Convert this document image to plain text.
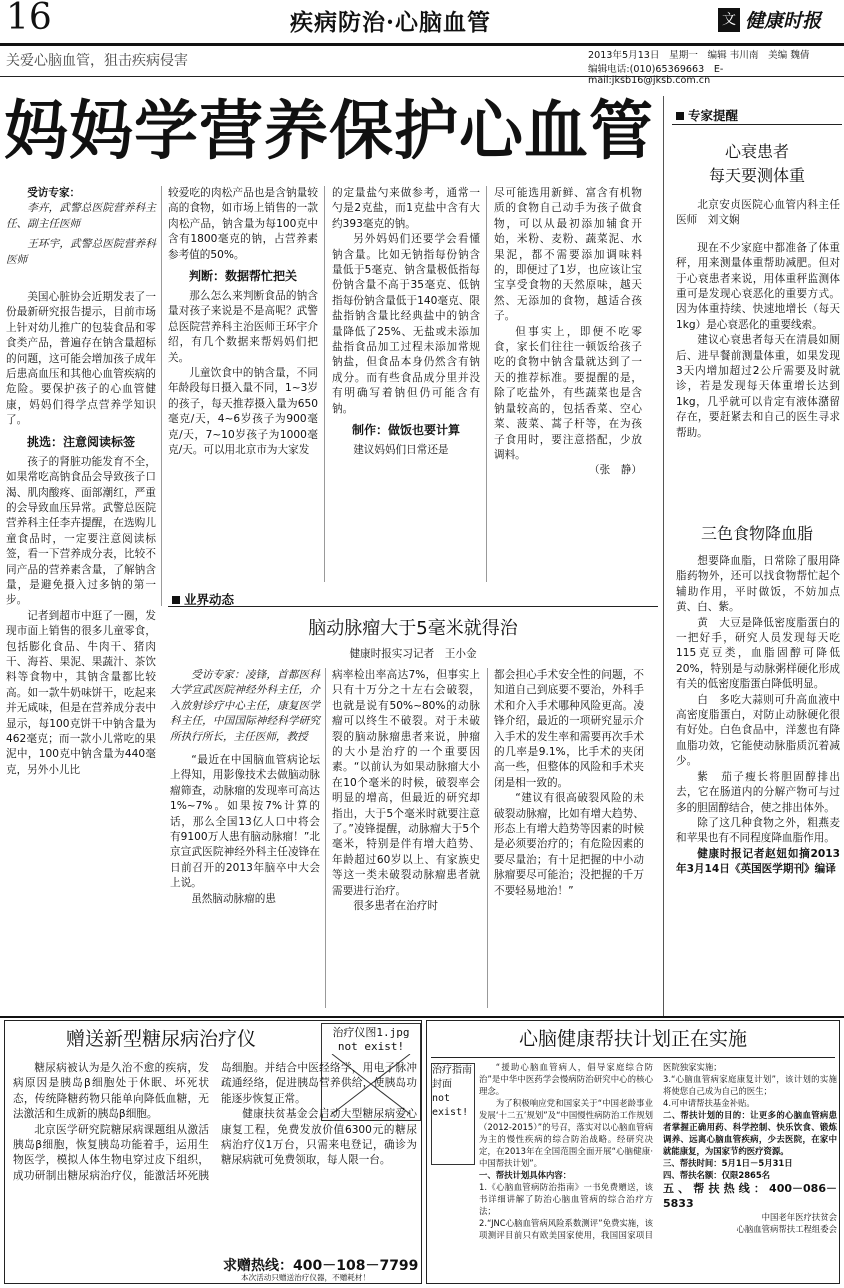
16	疾病防治·心脑血管	文 健康时报
关爱心脑血管，狙击疾病侵害	2013年5月13日　星期一　编辑 韦川南　美编 魏倩
编辑电话:(010)65369663　E-mail:jksb16@jksb.com.cn
妈妈学营养保护心血管

受访专家：

李卉，武警总医院营养科主任、副主任医师

王环宇，武警总医院营养科医师

美国心脏协会近期发表了一份最新研究报告提示，目前市场上针对幼儿推广的包装食品和零食类产品，普遍存在钠含量超标的问题，这可能会增加孩子成年后患高血压和其他心血管疾病的危险。要保护孩子的心血管健康，妈妈们得学点营养学知识了。

挑选：注意阅读标签

孩子的肾脏功能发育不全，如果常吃高钠食品会导致孩子口渴、肌肉酸疼、面部潮红，严重的会导致血压异常。武警总医院营养科主任李卉提醒，在选购儿童食品时，一定要注意阅读标签，看一下营养成分表，比较不同产品的营养素含量，了解钠含量，是避免摄入过多钠的第一步。

记者到超市中逛了一圈，发现市面上销售的很多儿童零食，包括膨化食品、牛肉干、猪肉干、海苔、果泥、果蔬汁、茶饮料等食物中，其钠含量都比较高。如一款牛奶味饼干，吃起来并无咸味，但是在营养成分表中显示，每100克饼干中钠含量为462毫克；而一款小儿常吃的果泥中，100克中钠含量为440毫克，另外小儿比

较爱吃的肉松产品也是含钠量较高的食物，如市场上销售的一款肉松产品，钠含量为每100克中含有1800毫克的钠，占营养素参考值的50%。

判断：数据帮忙把关

那么怎么来判断食品的钠含量对孩子来说是不是高呢？武警总医院营养科主治医师王环宇介绍，有几个数据来帮妈妈们把关。

儿童饮食中的钠含量，不同年龄段每日摄入量不同，1~3岁的孩子，每天推荐摄入量为650毫克/天，4~6岁孩子为900毫克/天，7~10岁孩子为1000毫克/天。可以用北京市为大家发

的定量盐勺来做参考，通常一勺是2克盐，而1克盐中含有大约393毫克的钠。

另外妈妈们还要学会看懂钠含量。比如无钠指每份钠含量低于5毫克、钠含量极低指每份钠含量不高于35毫克、低钠指每份钠含量低于140毫克、限盐指钠含量比经典盐中的钠含量降低了25%、无盐或未添加盐指食品加工过程未添加常规钠盐，但食品本身仍然含有钠成分。而有些食品成分里并没有明确写着钠但仍可能含有钠。

制作：做饭也要计算

建议妈妈们日常还是

尽可能选用新鲜、富含有机物质的食物自己动手为孩子做食物，可以从最初添加辅食开始，米粉、麦粉、蔬菜泥、水果泥，都不需要添加调味料的，即便过了1岁，也应该让宝宝享受食物的天然原味，越天然、无添加的食物，越适合孩子。

但事实上，即便不吃零食，家长们往往一顿饭给孩子吃的食物中钠含量就达到了一天的推荐标准。要提醒的是，除了吃盐外，有些蔬菜也是含钠量较高的，包括香菜、空心菜、菠菜、蒿子杆等，在为孩子食用时，要注意搭配，少放调料。

（张　静）

业界动态
脑动脉瘤大于5毫米就得治
健康时报实习记者　王小金

受访专家：凌锋，首都医科大学宣武医院神经外科主任，介入放射诊疗中心主任，康复医学科主任，中国国际神经科学研究所执行所长，主任医师，教授

“最近在中国脑血管病论坛上得知，用影像技术去做脑动脉瘤筛查，动脉瘤的发现率可高达1%~7%。如果按7%计算的话，那么全国13亿人口中将会有9100万人患有脑动脉瘤！”北京宣武医院神经外科主任凌锋在日前召开的2013年脑卒中大会上说。

虽然脑动脉瘤的患

病率检出率高达7%，但事实上只有十万分之十左右会破裂，也就是说有50%~80%的动脉瘤可以终生不破裂。对于未破裂的脑动脉瘤患者来说，肿瘤的大小是治疗的一个重要因素。“以前认为如果动脉瘤大小在10个毫米的时候，破裂率会明显的增高，但最近的研究却指出，大于5个毫米时就要注意了。”凌锋提醒，动脉瘤大于5个毫米，特别是伴有增大趋势、年龄超过60岁以上、有家族史等这一类未破裂动脉瘤患者就需要进行治疗。

很多患者在治疗时

都会担心手术安全性的问题，不知道自己到底要不要治，外科手术和介入手术哪种风险更高。凌锋介绍，最近的一项研究显示介入手术的发生率和需要再次手术的几率是9.1%，比手术的夹闭高一些，但整体的风险和手术夹闭是相一致的。

“建议有很高破裂风险的未破裂动脉瘤，比如有增大趋势、形态上有增大趋势等因素的时候是必须要治疗的；有危险因素的要尽量治；有十足把握的中小动脉瘤要尽可能治；没把握的千万不要轻易地治！”

专家提醒
心衰患者
每天要测体重

北京安贞医院心血管内科主任医师　刘文娴

现在不少家庭中都准备了体重秤，用来测量体重帮助减肥。但对于心衰患者来说，用体重秤监测体重可是发现心衰恶化的重要方式。因为体重持续、快速地增长（每天1kg）是心衰恶化的重要线索。

建议心衰患者每天在清晨如厕后、进早餐前测量体重，如果发现3天内增加超过2公斤需要及时就诊，若是发现每天体重增长达到1kg，几乎就可以肯定有液体潴留存在，要赶紧去和自己的医生寻求帮助。

三色食物降血脂

想要降血脂，日常除了服用降脂药物外，还可以找食物帮忙起个辅助作用，平时做饭，不妨加点黄、白、紫。

黄　大豆是降低密度脂蛋白的一把好手，研究人员发现每天吃115克豆类，血脂固醇可降低20%，特别是与动脉粥样硬化形成有关的低密度脂蛋白降低明显。

白　多吃大蒜则可升高血液中高密度脂蛋白，对防止动脉硬化很有好处。白色食品中，洋葱也有降血脂功效，它能使动脉脂质沉着减少。

紫　茄子瘦长将胆固醇排出去，它在肠道内的分解产物可与过多的胆固醇结合，使之排出体外。

除了这几种食物之外，粗燕麦和苹果也有不同程度降血脂作用。

健康时报记者赵妞如摘2013年3月14日《英国医学期刊》编译

赠送新型糖尿病治疗仪	治疗仪图1.jpg not exist!

糖尿病被认为是久治不愈的疾病，发病原因是胰岛β细胞处于休眠、坏死状态，传统降糖药物只能单向降低血糖，无法激活和生成新的胰岛β细胞。

北京医学研究院糖尿病课题组从激活胰岛β细胞，恢复胰岛功能着手，运用生物医学，模拟人体生物电穿过皮下组织，成功研制出糖尿病治疗仪，能激活坏死胰岛细胞。并结合中医经络学，用电子脉冲疏通经络，促进胰岛营养供给，使胰岛功能逐步恢复正常。

健康扶贫基金会启动大型糖尿病爱心康复工程，免费发放价值6300元的糖尿病治疗仪1万台，只需来电登记，确诊为糖尿病就可免费领取，每人限一台。

求赠热线：400－108－7799
本次活动只赠送治疗仪器，不赠耗材！
心脑健康帮扶计划正在实施
治疗指南封面 not exist!

“援助心脑血管病人，倡导家庭综合防治”是中华中医药学会慢病防治研究中心的核心理念。

为了积极响应党和国家关于“中国老龄事业发展‘十二五’规划”及“中国慢性病防治工作规划（2012-2015）”的号召，落实对以心脑血管病为主的慢性疾病的综合防治战略。经研究决定，在2013年在全国范围全面开展“心脑健康·中国帮扶计划”。

一、帮扶计划具体内容：

1.《心脑血管病防治指南》一书免费赠送，该书详细讲解了防治心脑血管病的综合治疗方法；

2.“JNC心脑血管病风险系数测评”免费实施，该项测评目前只有欧美国家使用，我国国家项目医院独家实施；

3.“心脑血管病家庭康复计划”，该计划的实施将使您自己成为自己的医生；

4.可申请帮扶基金补贴。

二、帮扶计划的目的：让更多的心脑血管病患者掌握正确用药、科学控制、快乐饮食、锻炼调养、远离心脑血管疾病，少去医院，在家中就能康复，为国家节约医疗资源。

三、帮扶时间：5月1日－5月31日

四、帮扶名额：仅限2865名

五、帮扶热线：400－086－5833

中国老年医疗扶贫会

心脑血管病帮扶工程组委会
